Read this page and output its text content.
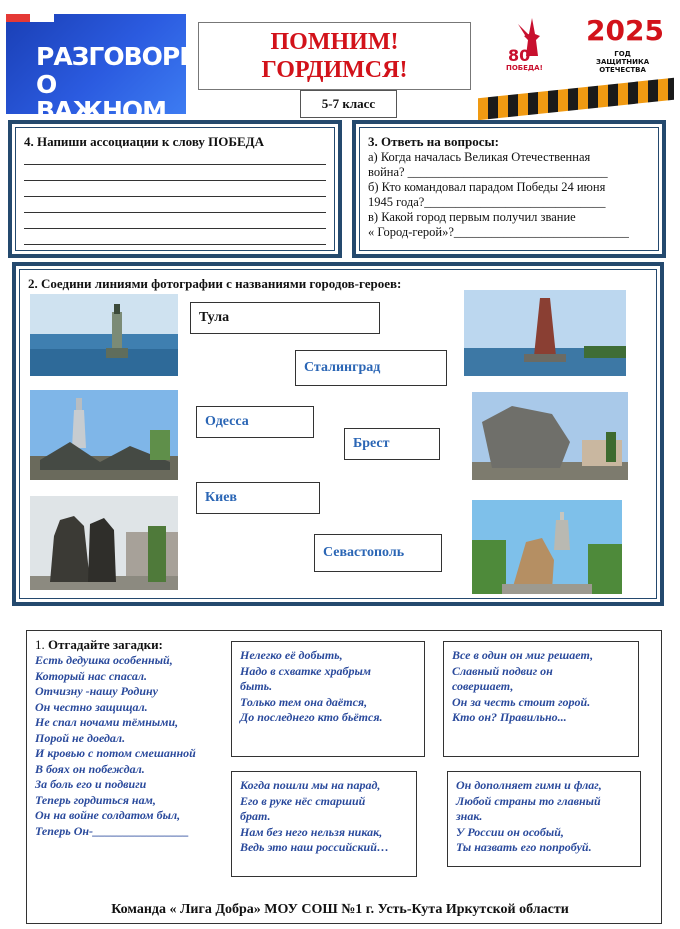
РАЗГОВОРЫ
О ВАЖНОМ
ПОМНИМ!
ГОРДИМСЯ!
5-7 класс
80
ПОБЕДА!
2025
ГОД
ЗАЩИТНИКА
ОТЕЧЕСТВА
4. Напиши ассоциации к слову ПОБЕДА	3. Ответь на вопросы:
а) Когда началась Великая Отечественная
война? ________________________________
б) Кто командовал парадом Победы 24 июня
1945 года?_____________________________
в) Какой город первым получил звание
« Город-герой»?____________________________
2. Соедини линиями фотографии с названиями городов-героев:
Тула
Сталинград
Одесса
Брест
Киев
Севастополь
1. Отгадайте загадки:
Есть дедушка особенный,
Который нас спасал.
Отчизну -нашу Родину
Он честно защищал.
Не спал ночами тёмными,
Порой не доедал.
И кровью с потом смешанной
В боях он побеждал.
За боль его и подвиги
Теперь гордиться нам,
Он на войне солдатом был,
Теперь Он-________________
Нелегко её добыть,
Надо в схватке храбрым
быть.
Только тем она даётся,
До последнего кто бьётся.
Все в один он миг решает,
Славный подвиг он
совершает,
Он за честь стоит горой.
Кто он? Правильно...
Когда пошли мы на парад,
Его в руке нёс старший
брат.
Нам без него нельзя никак,
Ведь это наш российский…
Он дополняет гимн и флаг,
Любой страны то главный
знак.
У России он особый,
Ты назвать его попробуй.
Команда « Лига Добра» МОУ СОШ №1 г. Усть-Кута Иркутской области
